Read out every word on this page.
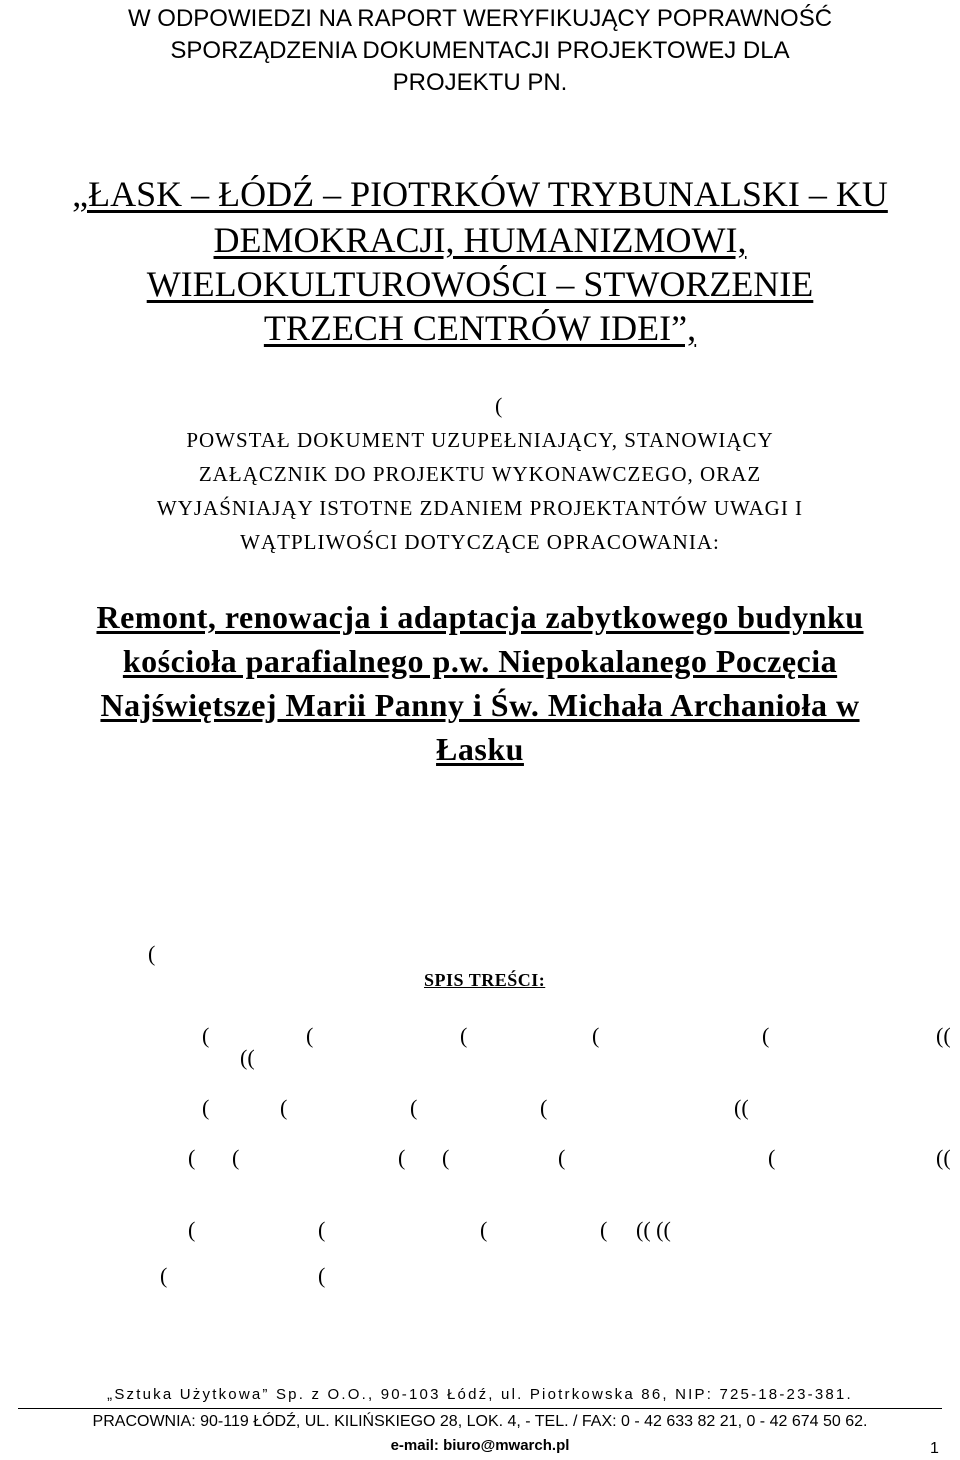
W ODPOWIEDZI NA RAPORT WERYFIKUJĄCY POPRAWNOŚĆ
SPORZĄDZENIA DOKUMENTACJI PROJEKTOWEJ DLA
PROJEKTU PN.
„ŁASK – ŁÓDŹ – PIOTRKÓW TRYBUNALSKI – KU
DEMOKRACJI, HUMANIZMOWI,
WIELOKULTUROWOŚCI – STWORZENIE
TRZECH CENTRÓW IDEI”,
(
POWSTAŁ DOKUMENT UZUPEŁNIAJĄCY, STANOWIĄCY
ZAŁĄCZNIK DO PROJEKTU WYKONAWCZEGO, ORAZ
WYJAŚNIAJĄY ISTOTNE ZDANIEM PROJEKTANTÓW UWAGI I
WĄTPLIWOŚCI DOTYCZĄCE OPRACOWANIA:
Remont, renowacja i adaptacja zabytkowego budynku
kościoła parafialnego p.w. Niepokalanego Poczęcia
Najświętszej Marii Panny i Św. Michała Archanioła w
Łasku
(
SPIS TREŚCI:
(	(	(	(	(	((
((
(	(	(	(	((
( (	( (	(	(	((
(	(	(	( (( ((
(	(
„Sztuka Użytkowa” Sp. z O.O., 90-103 Łódź, ul. Piotrkowska 86, NIP: 725-18-23-381.
PRACOWNIA: 90-119 ŁÓDŹ, UL. KILIŃSKIEGO 28, LOK. 4, - TEL. / FAX: 0 - 42 633 82 21, 0 - 42 674 50 62.
e-mail: biuro@mwarch.pl	1
